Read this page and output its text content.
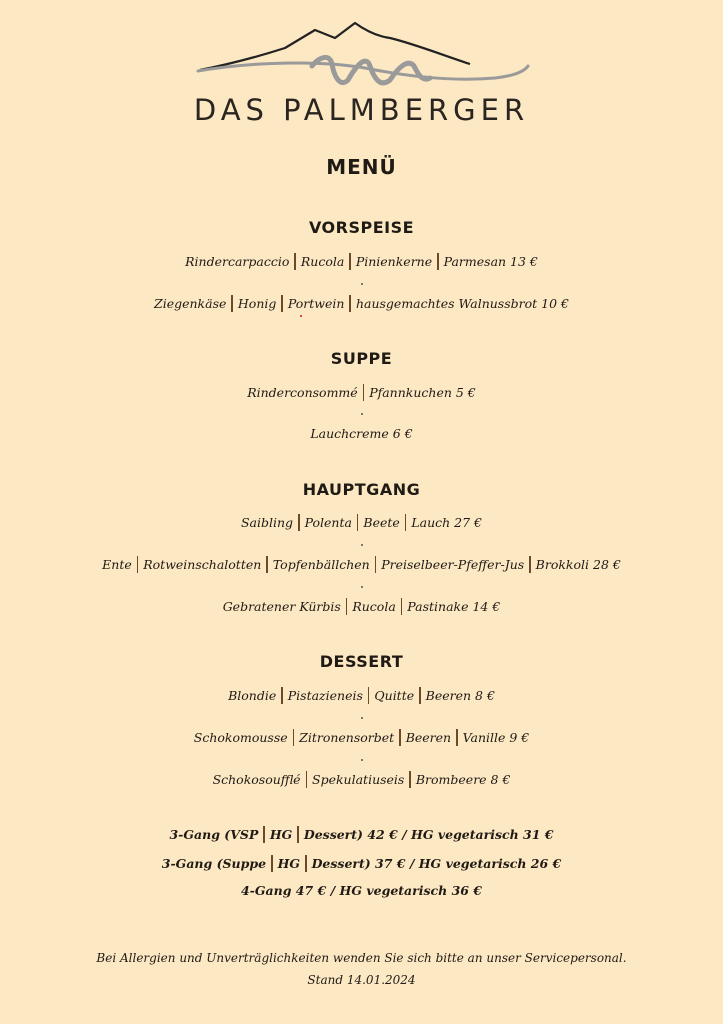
DAS PALMBERGER
MENÜ
VORSPEISE
Rindercarpaccio Rucola Pinienkerne Parmesan 13 €
Ziegenkäse Honig Portwein hausgemachtes Walnussbrot 10 €
SUPPE
Rinderconsommé Pfannkuchen 5 €
Lauchcreme 6 €
HAUPTGANG
Saibling Polenta Beete Lauch 27 €
Ente Rotweinschalotten Topfenbällchen Preiselbeer-Pfeffer-Jus Brokkoli 28 €
Gebratener Kürbis Rucola Pastinake 14 €
DESSERT
Blondie Pistazieneis Quitte Beeren 8 €
Schokomousse Zitronensorbet Beeren Vanille 9 €
Schokosoufflé Spekulatiuseis Brombeere 8 €
3-Gang (VSP HG Dessert) 42 € / HG vegetarisch 31 €
3-Gang (Suppe HG Dessert) 37 € / HG vegetarisch 26 €
4-Gang 47 € / HG vegetarisch 36 €
Bei Allergien und Unverträglichkeiten wenden Sie sich bitte an unser Servicepersonal.
Stand 14.01.2024
